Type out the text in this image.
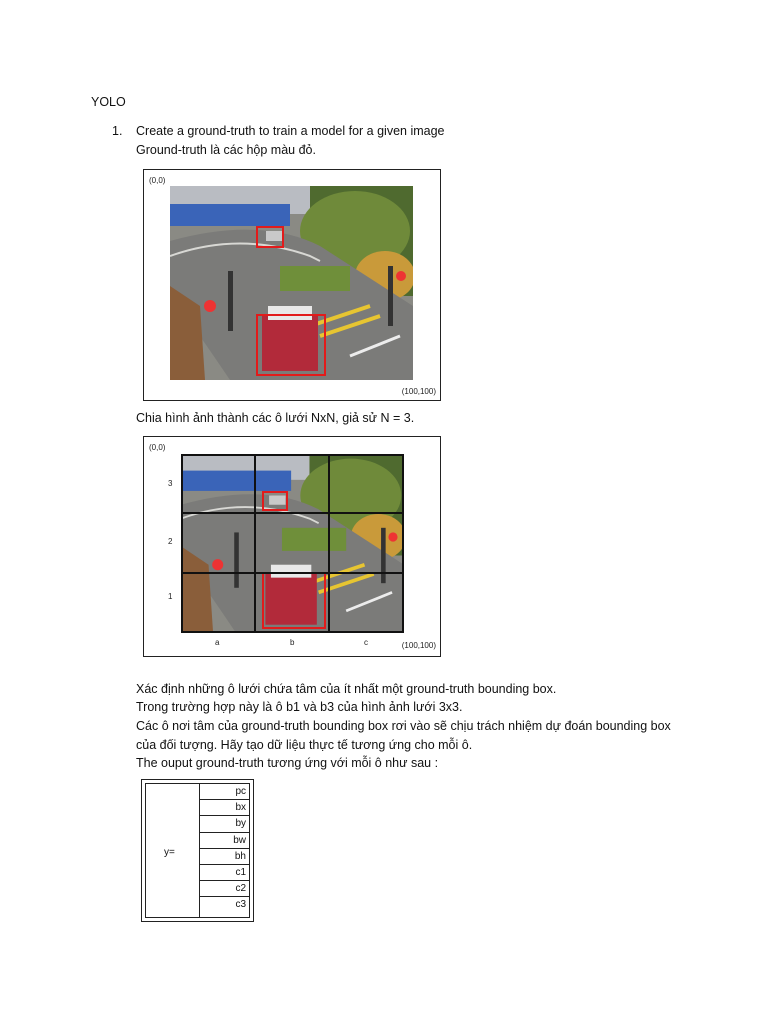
YOLO
1. Create a ground-truth to train a model for a given image
Ground-truth là các hộp màu đỏ.
(0,0)
(100,100)
Chia hình ảnh thành các ô lưới NxN, giả sử N = 3.
(0,0)
(100,100)
3
2
1
a	b	c
Xác định những ô lưới chứa tâm của ít nhất một ground-truth bounding box.
Trong trường hợp này là ô b1 và b3 của hình ảnh lưới 3x3.
Các ô nơi tâm của ground-truth bounding box rơi vào sẽ chịu trách nhiệm dự đoán bounding box
của đối tượng. Hãy tạo dữ liệu thực tế tương ứng cho mỗi ô.
The ouput ground-truth tương ứng với mỗi ô như sau :
y=
pc
bx
by
bw
bh
c1
c2
c3
